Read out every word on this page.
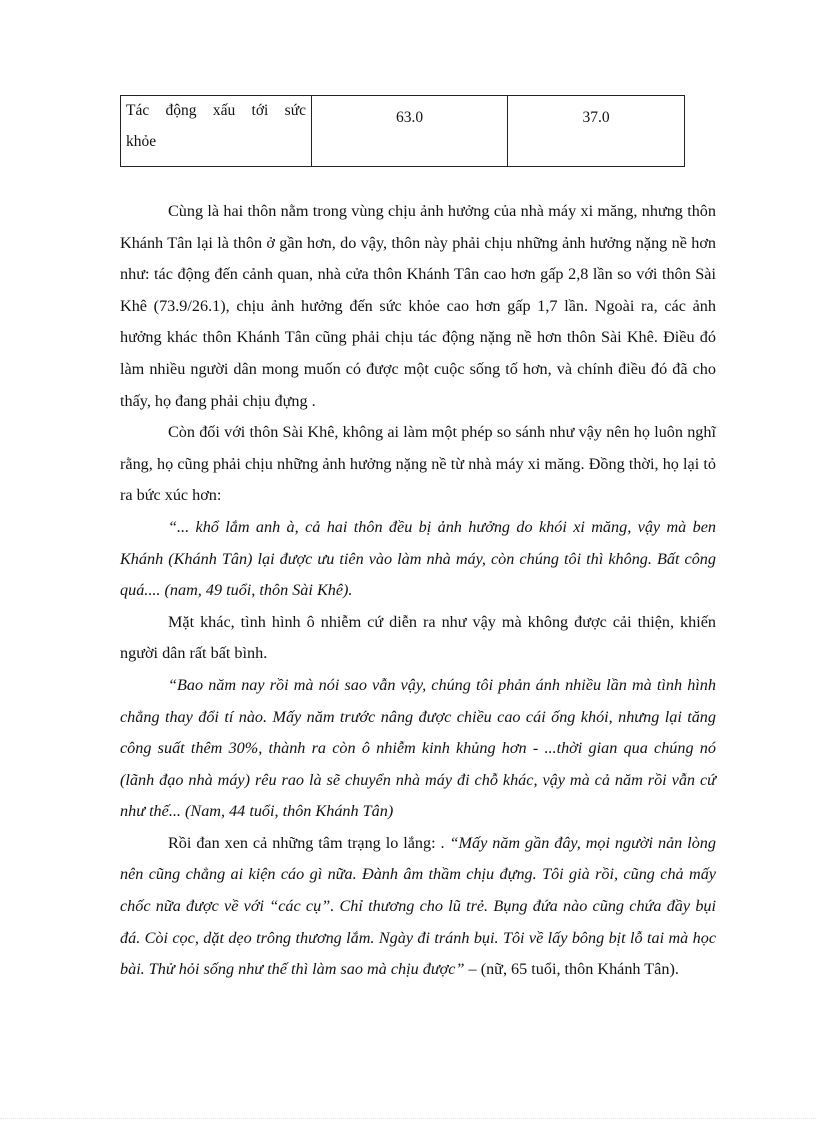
Tác động xấu tới sức
khỏe
	63.0	37.0

Cùng là hai thôn nằm trong vùng chịu ảnh hưởng của nhà máy xi măng, nhưng thôn Khánh Tân lại là thôn ở gần hơn, do vậy, thôn này phải chịu những ảnh hưởng nặng nề hơn như: tác động đến cảnh quan, nhà cửa thôn Khánh Tân cao hơn gấp 2,8 lần so với thôn Sài Khê (73.9/26.1), chịu ảnh hưởng đến sức khỏe cao hơn gấp 1,7 lần. Ngoài ra, các ảnh hưởng khác thôn Khánh Tân cũng phải chịu tác động nặng nề hơn thôn Sài Khê. Điều đó làm nhiều người dân mong muốn có được một cuộc sống tố hơn, và chính điều đó đã cho thấy, họ đang phải chịu đựng .

Còn đối với thôn Sài Khê, không ai làm một phép so sánh như vậy nên họ luôn nghĩ rằng, họ cũng phải chịu những ảnh hưởng nặng nề từ nhà máy xi măng. Đồng thời, họ lại tỏ ra bức xúc hơn:

“... khổ lắm anh à, cả hai thôn đều bị ảnh hưởng do khói xi măng, vậy mà ben Khánh (Khánh Tân) lại được ưu tiên vào làm nhà máy, còn chúng tôi thì không. Bất công quá.... (nam, 49 tuổi, thôn Sài Khê).

Mặt khác, tình hình ô nhiễm cứ diễn ra như vậy mà không được cải thiện, khiến người dân rất bất bình.

“Bao năm nay rồi mà nói sao vẫn vậy, chúng tôi phản ánh nhiều lần mà tình hình chẳng thay đổi tí nào. Mấy năm trước nâng được chiều cao cái ống khói, nhưng lại tăng công suất thêm 30%, thành ra còn ô nhiễm kinh khủng hơn - ...thời gian qua chúng nó (lãnh đạo nhà máy) rêu rao là sẽ chuyển nhà máy đi chỗ khác, vậy mà cả năm rồi vẫn cứ như thế... (Nam, 44 tuổi, thôn Khánh Tân)

Rồi đan xen cả những tâm trạng lo lắng: . “Mấy năm gần đây, mọi người nản lòng nên cũng chẳng ai kiện cáo gì nữa. Đành âm thầm chịu đựng. Tôi già rồi, cũng chả mấy chốc nữa được về với “các cụ”. Chỉ thương cho lũ trẻ. Bụng đứa nào cũng chứa đầy bụi đá. Còi cọc, dặt dẹo trông thương lắm. Ngày đi tránh bụi. Tôi về lấy bông bịt lỗ tai mà học bài. Thử hỏi sống như thế thì làm sao mà chịu được” – (nữ, 65 tuổi, thôn Khánh Tân).
